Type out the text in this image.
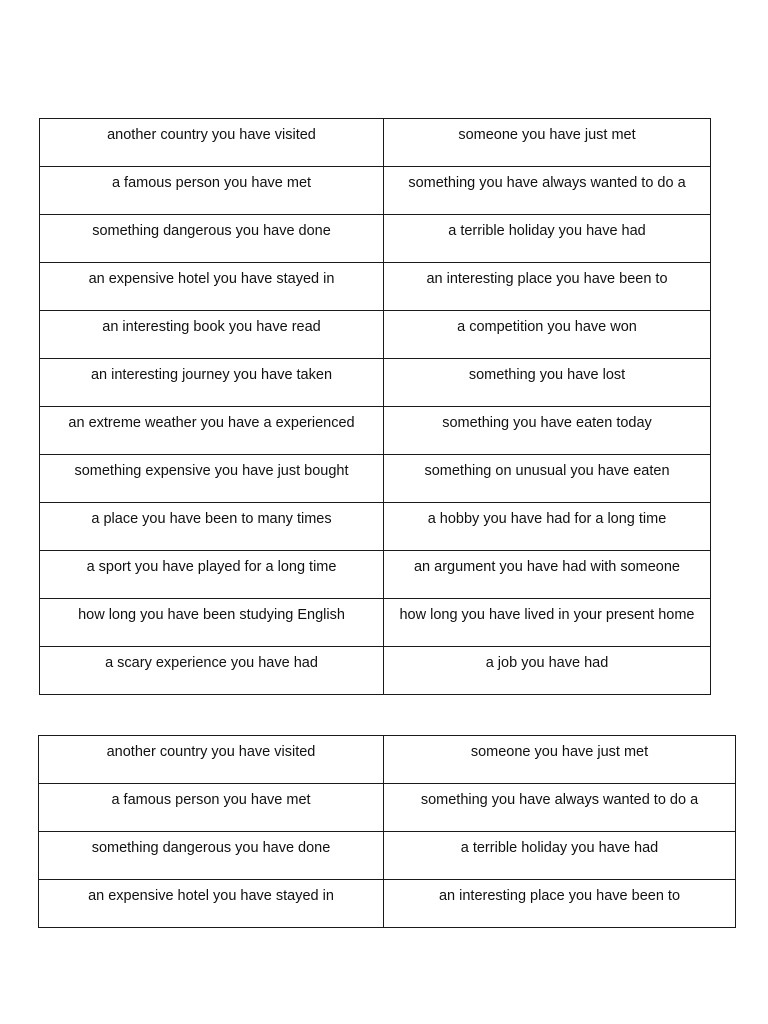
another country you have visited	someone you have just met

a famous person you have met	something you have always wanted to do a

something dangerous you have done	a terrible holiday you have had

an expensive hotel you have stayed in	an interesting place you have been to

an interesting book you have read	a competition you have won

an interesting journey you have taken	something you have lost

an extreme weather you have a experienced	something you have eaten today

something expensive you have just bought	something on unusual you have eaten

a place you have been to many times	a hobby you have had for a long time

a sport you have played for a long time	an argument you have had with someone

how long you have been studying English	how long you have lived in your present home

a scary experience you have had	a job you have had
another country you have visited	someone you have just met

a famous person you have met	something you have always wanted to do a

something dangerous you have done	a terrible holiday you have had

an expensive hotel you have stayed in	an interesting place you have been to
